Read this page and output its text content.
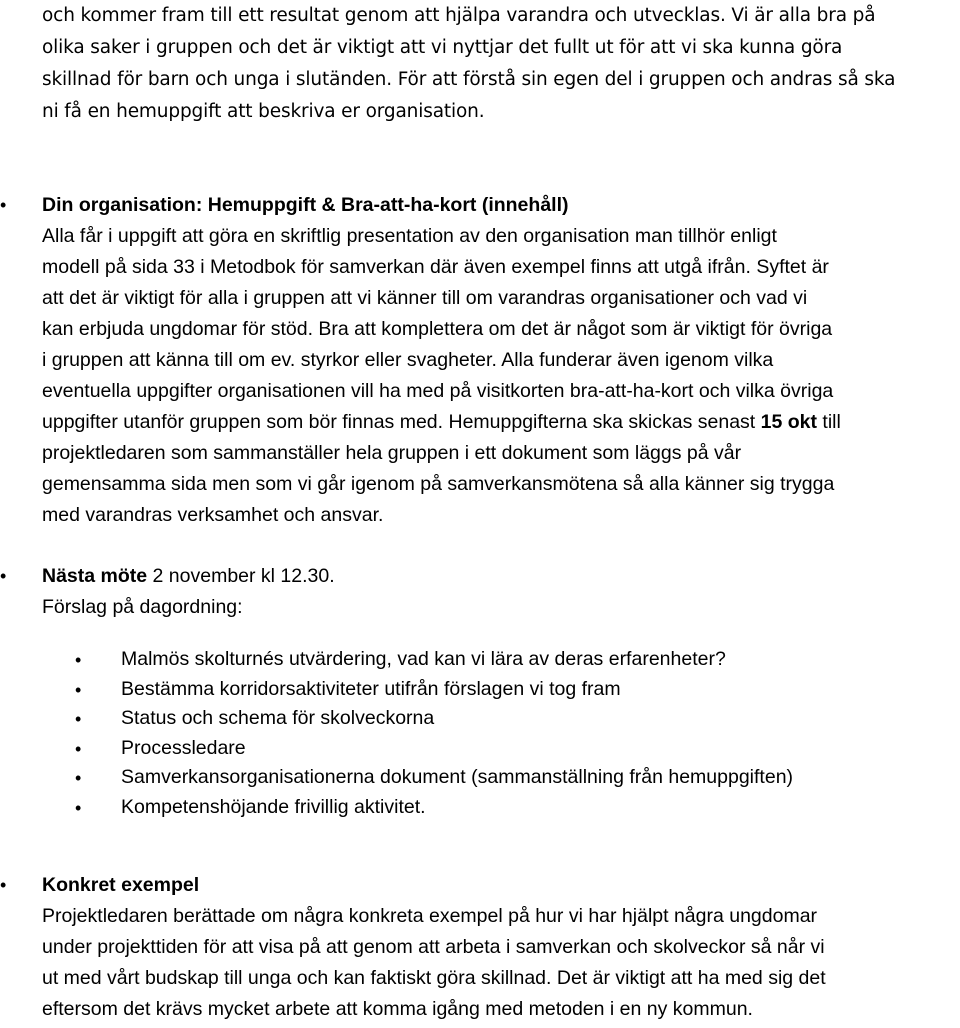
och kommer fram till ett resultat genom att hjälpa varandra och utvecklas. Vi är alla bra på
olika saker i gruppen och det är viktigt att vi nyttjar det fullt ut för att vi ska kunna göra
skillnad för barn och unga i slutänden. För att förstå sin egen del i gruppen och andras så ska
ni få en hemuppgift att beskriva er organisation.
• Din organisation: Hemuppgift & Bra-att-ha-kort (innehåll)
Alla får i uppgift att göra en skriftlig presentation av den organisation man tillhör enligt
modell på sida 33 i Metodbok för samverkan där även exempel finns att utgå ifrån. Syftet är
att det är viktigt för alla i gruppen att vi känner till om varandras organisationer och vad vi
kan erbjuda ungdomar för stöd. Bra att komplettera om det är något som är viktigt för övriga
i gruppen att känna till om ev. styrkor eller svagheter. Alla funderar även igenom vilka
eventuella uppgifter organisationen vill ha med på visitkorten bra-att-ha-kort och vilka övriga
uppgifter utanför gruppen som bör finnas med. Hemuppgifterna ska skickas senast 15 okt till
projektledaren som sammanställer hela gruppen i ett dokument som läggs på vår
gemensamma sida men som vi går igenom på samverkansmötena så alla känner sig trygga
med varandras verksamhet och ansvar.
• Nästa möte 2 november kl 12.30.
Förslag på dagordning:
• Malmös skolturnés utvärdering, vad kan vi lära av deras erfarenheter?
• Bestämma korridorsaktiviteter utifrån förslagen vi tog fram
• Status och schema för skolveckorna
• Processledare
• Samverkansorganisationerna dokument (sammanställning från hemuppgiften)
• Kompetenshöjande frivillig aktivitet.
• Konkret exempel
Projektledaren berättade om några konkreta exempel på hur vi har hjälpt några ungdomar
under projekttiden för att visa på att genom att arbeta i samverkan och skolveckor så når vi
ut med vårt budskap till unga och kan faktiskt göra skillnad. Det är viktigt att ha med sig det
eftersom det krävs mycket arbete att komma igång med metoden i en ny kommun.
